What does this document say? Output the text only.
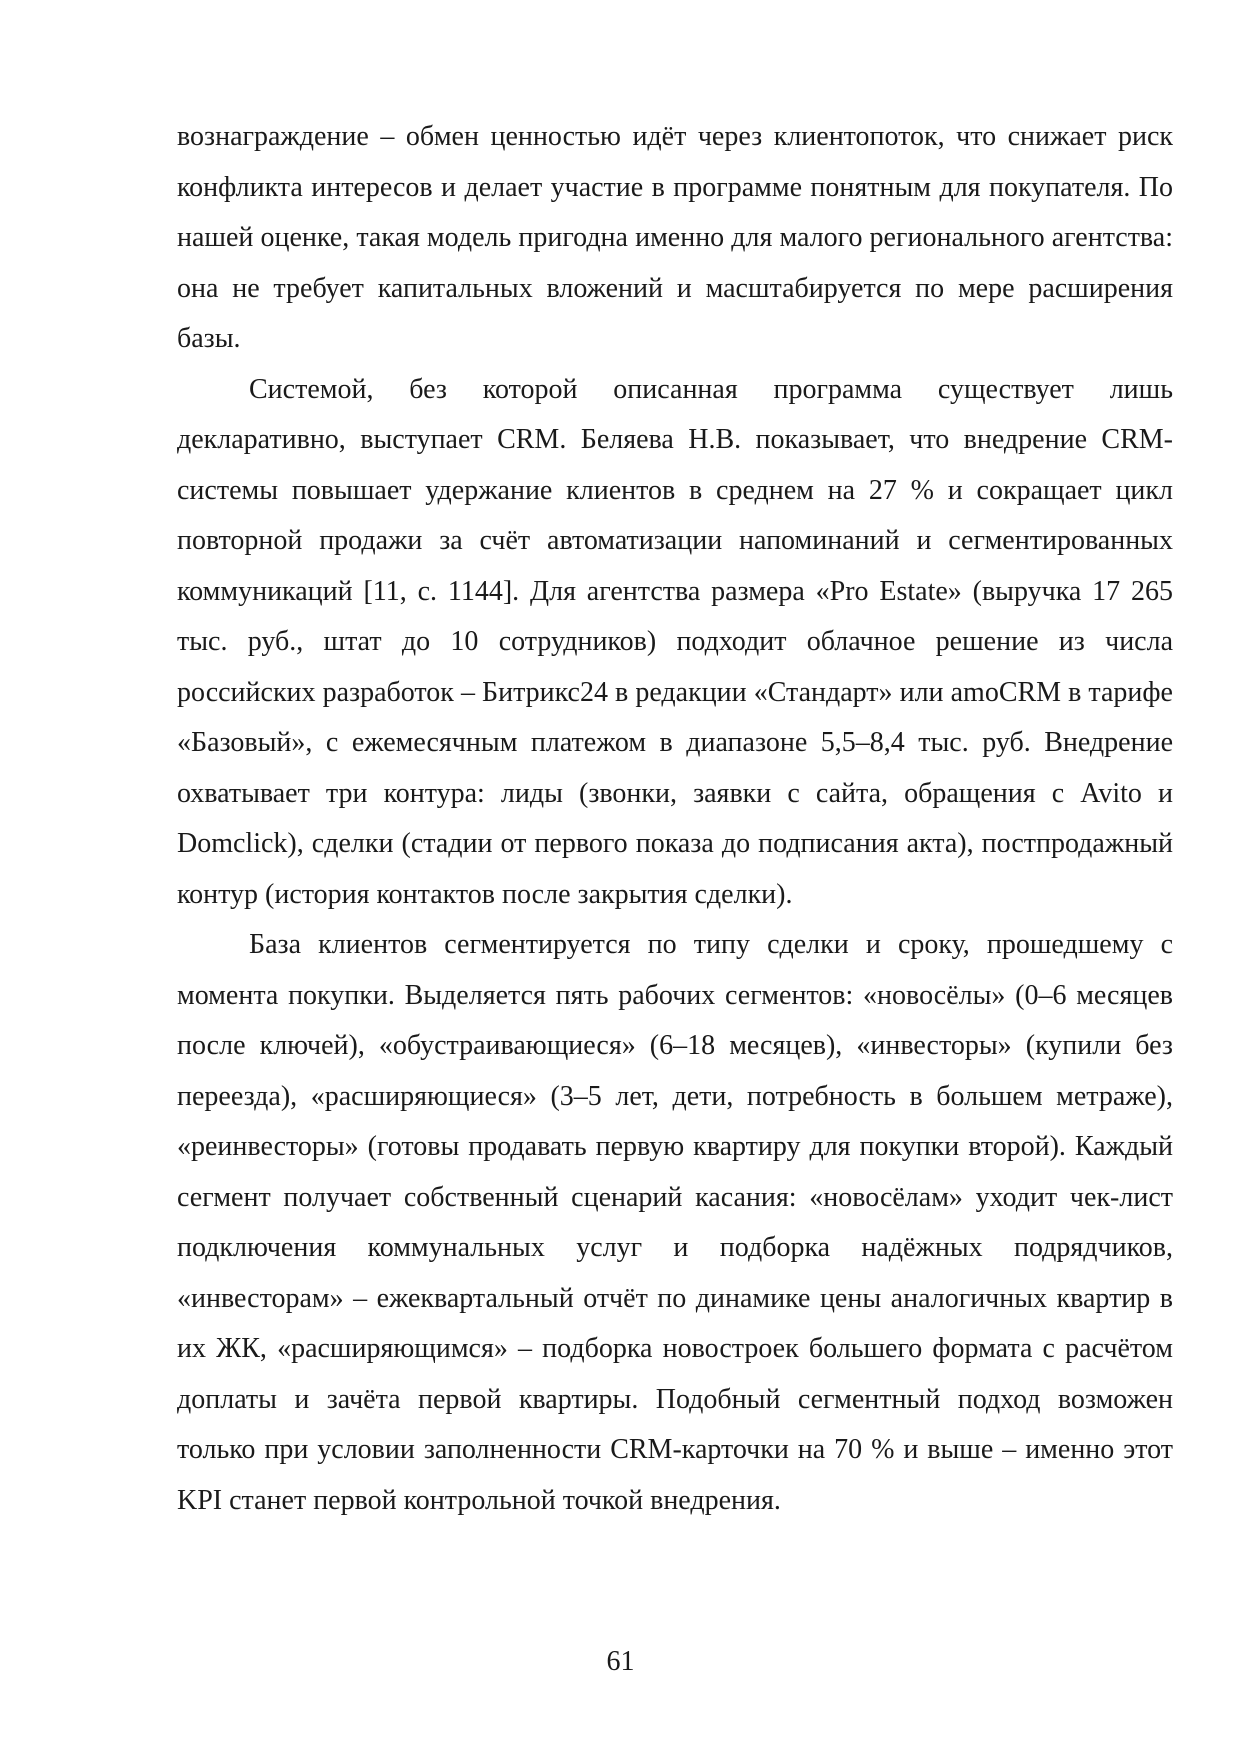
вознаграждение – обмен ценностью идёт через клиентопоток, что снижает риск конфликта интересов и делает участие в программе понятным для покупателя. По нашей оценке, такая модель пригодна именно для малого регионального агентства: она не требует капитальных вложений и масштабируется по мере расширения базы.

Системой, без которой описанная программа существует лишь декларативно, выступает CRM. Беляева Н.В. показывает, что внедрение CRM-системы повышает удержание клиентов в среднем на 27 % и сокращает цикл повторной продажи за счёт автоматизации напоминаний и сегментированных коммуникаций [11, с. 1144]. Для агентства размера «Pro Estate» (выручка 17 265 тыс. руб., штат до 10 сотрудников) подходит облачное решение из числа российских разработок – Битрикс24 в редакции «Стандарт» или amoCRM в тарифе «Базовый», с ежемесячным платежом в диапазоне 5,5–8,4 тыс. руб. Внедрение охватывает три контура: лиды (звонки, заявки с сайта, обращения с Avito и Domclick), сделки (стадии от первого показа до подписания акта), постпродажный контур (история контактов после закрытия сделки).

База клиентов сегментируется по типу сделки и сроку, прошедшему с момента покупки. Выделяется пять рабочих сегментов: «новосёлы» (0–6 месяцев после ключей), «обустраивающиеся» (6–18 месяцев), «инвесторы» (купили без переезда), «расширяющиеся» (3–5 лет, дети, потребность в большем метраже), «реинвесторы» (готовы продавать первую квартиру для покупки второй). Каждый сегмент получает собственный сценарий касания: «новосёлам» уходит чек-лист подключения коммунальных услуг и подборка надёжных подрядчиков, «инвесторам» – ежеквартальный отчёт по динамике цены аналогичных квартир в их ЖК, «расширяющимся» – подборка новостроек большего формата с расчётом доплаты и зачёта первой квартиры. Подобный сегментный подход возможен только при условии заполненности CRM-карточки на 70 % и выше – именно этот KPI станет первой контрольной точкой внедрения.

61
